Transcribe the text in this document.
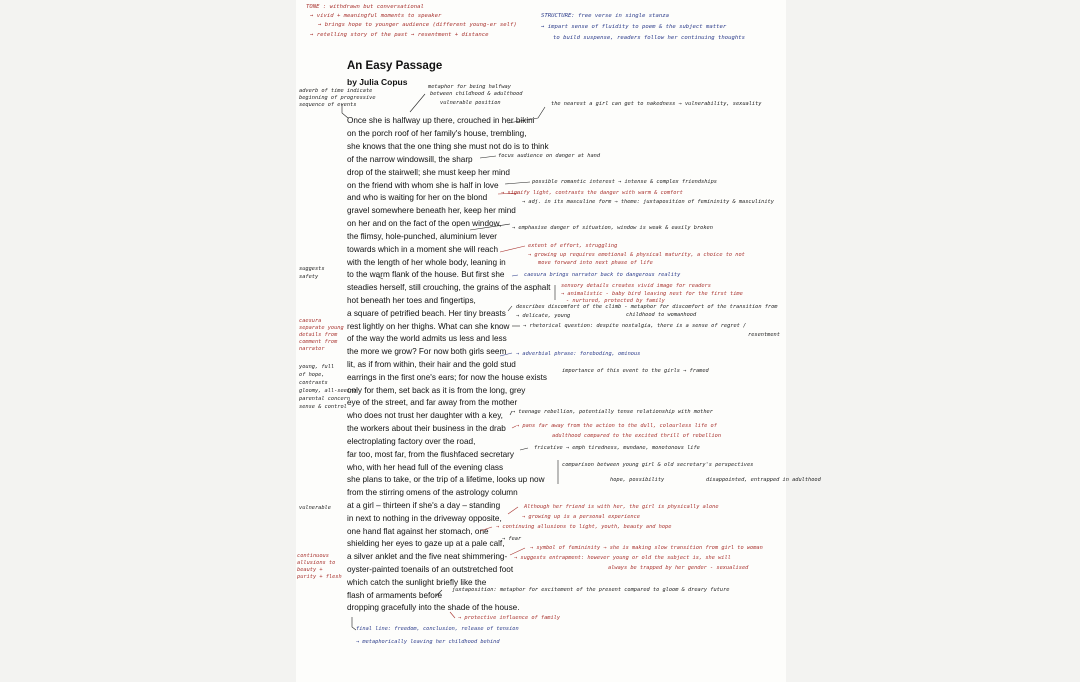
TONE : withdrawn but conversational
→ vivid + meaningful moments to speaker
→ brings hope to younger audience (different young-er self)
→ retelling story of the past → resentment + distance
STRUCTURE: free verse in single stanza
→ impart sense of fluidity to poem & the subject matter
to build suspense, readers follow her continuing thoughts
An Easy Passage
by Julia Copus
Once she is halfway up there, crouched in her bikini
on the porch roof of her family's house, trembling,
she knows that the one thing she must not do is to think
of the narrow windowsill, the sharp
drop of the stairwell; she must keep her mind
on the friend with whom she is half in love
and who is waiting for her on the blond
gravel somewhere beneath her, keep her mind
on her and on the fact of the open window,
the flimsy, hole-punched, aluminium lever
towards which in a moment she will reach
with the length of her whole body, leaning in
to the warm flank of the house. But first she
steadies herself, still crouching, the grains of the asphalt
hot beneath her toes and fingertips,
a square of petrified beach. Her tiny breasts
rest lightly on her thighs. What can she know
of the way the world admits us less and less
the more we grow? For now both girls seem
lit, as if from within, their hair and the gold stud
earrings in the first one's ears; for now the house exists
only for them, set back as it is from the long, grey
eye of the street, and far away from the mother
who does not trust her daughter with a key,
the workers about their business in the drab
electroplating factory over the road,
far too, most far, from the flushfaced secretary
who, with her head full of the evening class
she plans to take, or the trip of a lifetime, looks up now
from the stirring omens of the astrology column
at a girl – thirteen if she's a day – standing
in next to nothing in the driveway opposite,
one hand flat against her stomach, one
shielding her eyes to gaze up at a pale calf,
a silver anklet and the five neat shimmering-
oyster-painted toenails of an outstretched foot
which catch the sunlight briefly like the
flash of armaments before
dropping gracefully into the shade of the house.
adverb of time indicate
beginning of progressive
sequence of events
suggests
safety
caesura
separate young
details from
comment from
narrator
young, full
of hope,
contrasts
gloomy, all-seeing
parental concern
sense & control
vulnerable
continuous
allusions to
beauty +
purity + flesh
metaphor for being halfway
between childhood & adulthood
vulnerable position	the nearest a girl can get to nakedness → vulnerability, sexuality
focus audience on danger at hand
possible romantic interest → intense & complex friendships
→ signify light, contrasts the danger with warm & comfort
→ adj. in its masculine form → theme: juxtaposition of femininity & masculinity
→ emphasise danger of situation, window is weak & easily broken
extent of effort, struggling
→ growing up requires emotional & physical maturity, a choice to not
move forward into next phase of life
caesura brings narrator back to dangerous reality
sensory details creates vivid image for readers
→ animalistic - baby bird leaving nest for the first time
- nurtured, protected by family
describes discomfort of the climb - metaphor for discomfort of the transition from
childhood to womanhood
→ delicate, young
→ rhetorical question: despite nostalgia, there is a sense of regret /
resentment
→ adverbial phrase: foreboding, ominous
importance of this event to the girls → framed
→ teenage rebellion, potentially tense relationship with mother
→ pans far away from the action to the dull, colourless life of
adulthood compared to the excited thrill of rebellion
fricative → emph tiredness, mundane, monotonous life
comparison between young girl & old secretary's perspectives
hope, possibility	disappointed, entrapped in adulthood
Although her friend is with her, the girl is physically alone
→ growing up is a personal experience
→ continuing allusions to light, youth, beauty and hope
→ fear
→ symbol of femininity → she is making slow transition from girl to woman
→ suggests entrapment: however young or old the subject is, she will
always be trapped by her gender - sexualised
juxtaposition: metaphor for excitement of the present compared to gloom & dreary future
→ protective influence of family
final line: freedom, conclusion, release of tension
→ metaphorically leaving her childhood behind
